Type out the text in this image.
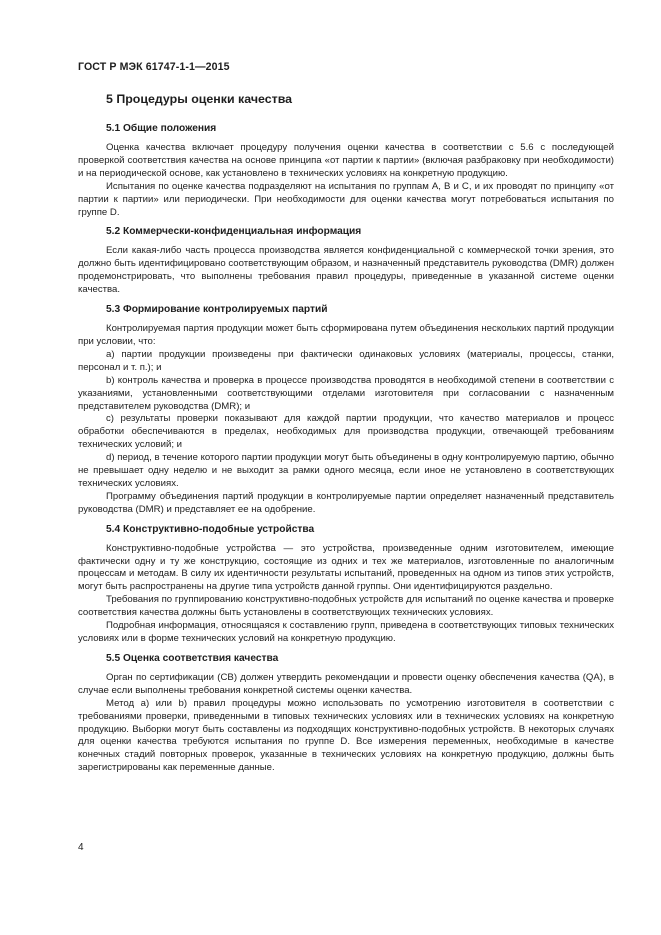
ГОСТ Р МЭК 61747-1-1—2015
5 Процедуры оценки качества
5.1 Общие положения

Оценка качества включает процедуру получения оценки качества в соответствии с 5.6 с последующей проверкой соответствия качества на основе принципа «от партии к партии» (включая разбраковку при необходимости) и на периодической основе, как установлено в технических условиях на конкретную продукцию.

Испытания по оценке качества подразделяют на испытания по группам А, В и С, и их проводят по принципу «от партии к партии» или периодически. При необходимости для оценки качества могут потребоваться испытания по группе D.

5.2 Коммерчески-конфиденциальная информация

Если какая-либо часть процесса производства является конфиденциальной с коммерческой точки зрения, это должно быть идентифицировано соответствующим образом, и назначенный представитель руководства (DMR) должен продемонстрировать, что выполнены требования правил процедуры, приведенные в указанной системе оценки качества.

5.3 Формирование контролируемых партий

Контролируемая партия продукции может быть сформирована путем объединения нескольких партий продукции при условии, что:

a) партии продукции произведены при фактически одинаковых условиях (материалы, процессы, станки, персонал и т. п.); и

b) контроль качества и проверка в процессе производства проводятся в необходимой степени в соответствии с указаниями, установленными соответствующими отделами изготовителя при согласовании с назначенным представителем руководства (DMR); и

c) результаты проверки показывают для каждой партии продукции, что качество материалов и процесс обработки обеспечиваются в пределах, необходимых для производства продукции, отвечающей требованиям технических условий; и

d) период, в течение которого партии продукции могут быть объединены в одну контролируемую партию, обычно не превышает одну неделю и не выходит за рамки одного месяца, если иное не установлено в соответствующих технических условиях.

Программу объединения партий продукции в контролируемые партии определяет назначенный представитель руководства (DMR) и представляет ее на одобрение.

5.4 Конструктивно-подобные устройства

Конструктивно-подобные устройства — это устройства, произведенные одним изготовителем, имеющие фактически одну и ту же конструкцию, состоящие из одних и тех же материалов, изготовленные по аналогичным процессам и методам. В силу их идентичности результаты испытаний, проведенных на одном из типов этих устройств, могут быть распространены на другие типа устройств данной группы. Они идентифицируются раздельно.

Требования по группированию конструктивно-подобных устройств для испытаний по оценке качества и проверке соответствия качества должны быть установлены в соответствующих технических условиях.

Подробная информация, относящаяся к составлению групп, приведена в соответствующих типовых технических условиях или в форме технических условий на конкретную продукцию.

5.5 Оценка соответствия качества

Орган по сертификации (CB) должен утвердить рекомендации и провести оценку обеспечения качества (QA), в случае если выполнены требования конкретной системы оценки качества.

Метод а) или b) правил процедуры можно использовать по усмотрению изготовителя в соответствии с требованиями проверки, приведенными в типовых технических условиях или в технических условиях на конкретную продукцию. Выборки могут быть составлены из подходящих конструктивно-подобных устройств. В некоторых случаях для оценки качества требуются испытания по группе D. Все измерения переменных, необходимые в качестве конечных стадий повторных проверок, указанные в технических условиях на конкретную продукцию, должны быть зарегистрированы как переменные данные.

4
